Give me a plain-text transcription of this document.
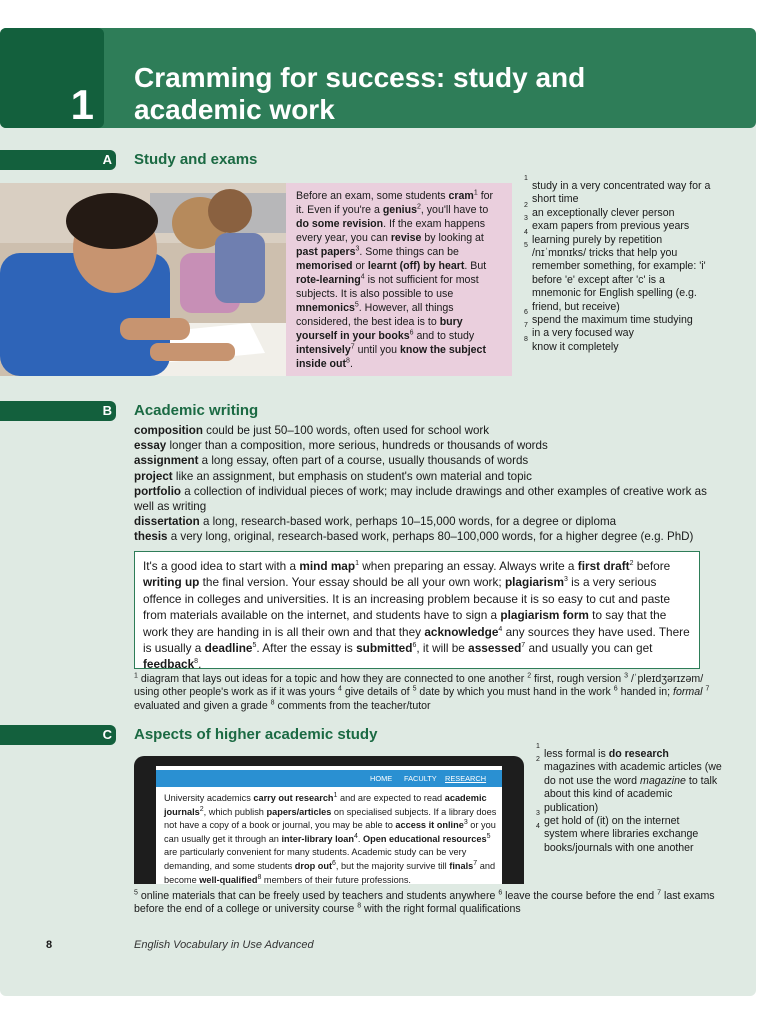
1
Cramming for success: study and academic work
A Study and exams
Before an exam, some students cram$^1$ for it. Even if you're a genius$^2$, you'll have to do some revision. If the exam happens every year, you can revise by looking at past papers$^3$. Some things can be memorised or learnt (off) by heart. But rote-learning$^4$ is not sufficient for most subjects. It is also possible to use mnemonics$^5$. However, all things considered, the best idea is to bury yourself in your books$^6$ and to study intensively$^7$ until you know the subject inside out$^8$.
study in a very concentrated way for a short time
2
an exceptionally clever person
3
exam papers from previous years
4
learning purely by repetition
5
/nɪˈmɒnɪks/ tricks that help you remember something, for example: 'i' before 'e' except after 'c' is a mnemonic for English spelling (e.g. friend, but receive)
6
spend the maximum time studying
7
in a very focused way
8
know it completely
B Academic writing
composition could be just 50–100 words, often used for school work
essay longer than a composition, more serious, hundreds or thousands of words
assignment a long essay, often part of a course, usually thousands of words
project like an assignment, but emphasis on student's own material and topic
portfolio a collection of individual pieces of work; may include drawings and other examples of creative work as well as writing
dissertation a long, research-based work, perhaps 10–15,000 words, for a degree or diploma
thesis a very long, original, research-based work, perhaps 80–100,000 words, for a higher degree (e.g. PhD)
It's a good idea to start with a mind map$^1$ when preparing an essay. Always write a first draft$^2$ before writing up the final version. Your essay should be all your own work; plagiarism$^3$ is a very serious offence in colleges and universities. It is an increasing problem because it is so easy to cut and paste from materials available on the internet, and students have to sign a plagiarism form to say that the work they are handing in is all their own and that they acknowledge$^4$ any sources they have used. There is usually a deadline$^5$. After the essay is submitted$^6$, it will be assessed$^7$ and usually you can get feedback$^8$.
$^1$ diagram that lays out ideas for a topic and how they are connected to one another $^2$ first, rough version $^3$ /ˈpleɪdʒərɪzəm/ using other people's work as if it was yours $^4$ give details of $^5$ date by which you must hand in the work $^6$ handed in; formal $^7$ evaluated and given a grade $^8$ comments from the teacher/tutor
C Aspects of higher academic study
HOME FACULTY RESEARCH
University academics carry out research$^1$ and are expected to read academic journals$^2$, which publish papers/articles on specialised subjects. If a library does not have a copy of a book or journal, you may be able to access it online$^3$ or you can usually get it through an inter-library loan$^4$. Open educational resources$^5$ are particularly convenient for many students. Academic study can be very demanding, and some students drop out$^6$, but the majority survive till finals$^7$ and become well-qualified$^8$ members of their future professions.
less formal is do research
2
magazines with academic articles (we do not use the word magazine to talk about this kind of academic publication)
3
get hold of (it) on the internet
4
system where libraries exchange books/journals with one another
$^5$ online materials that can be freely used by teachers and students anywhere $^6$ leave the course before the end $^7$ last exams before the end of a college or university course $^8$ with the right formal qualifications
8	English Vocabulary in Use Advanced
